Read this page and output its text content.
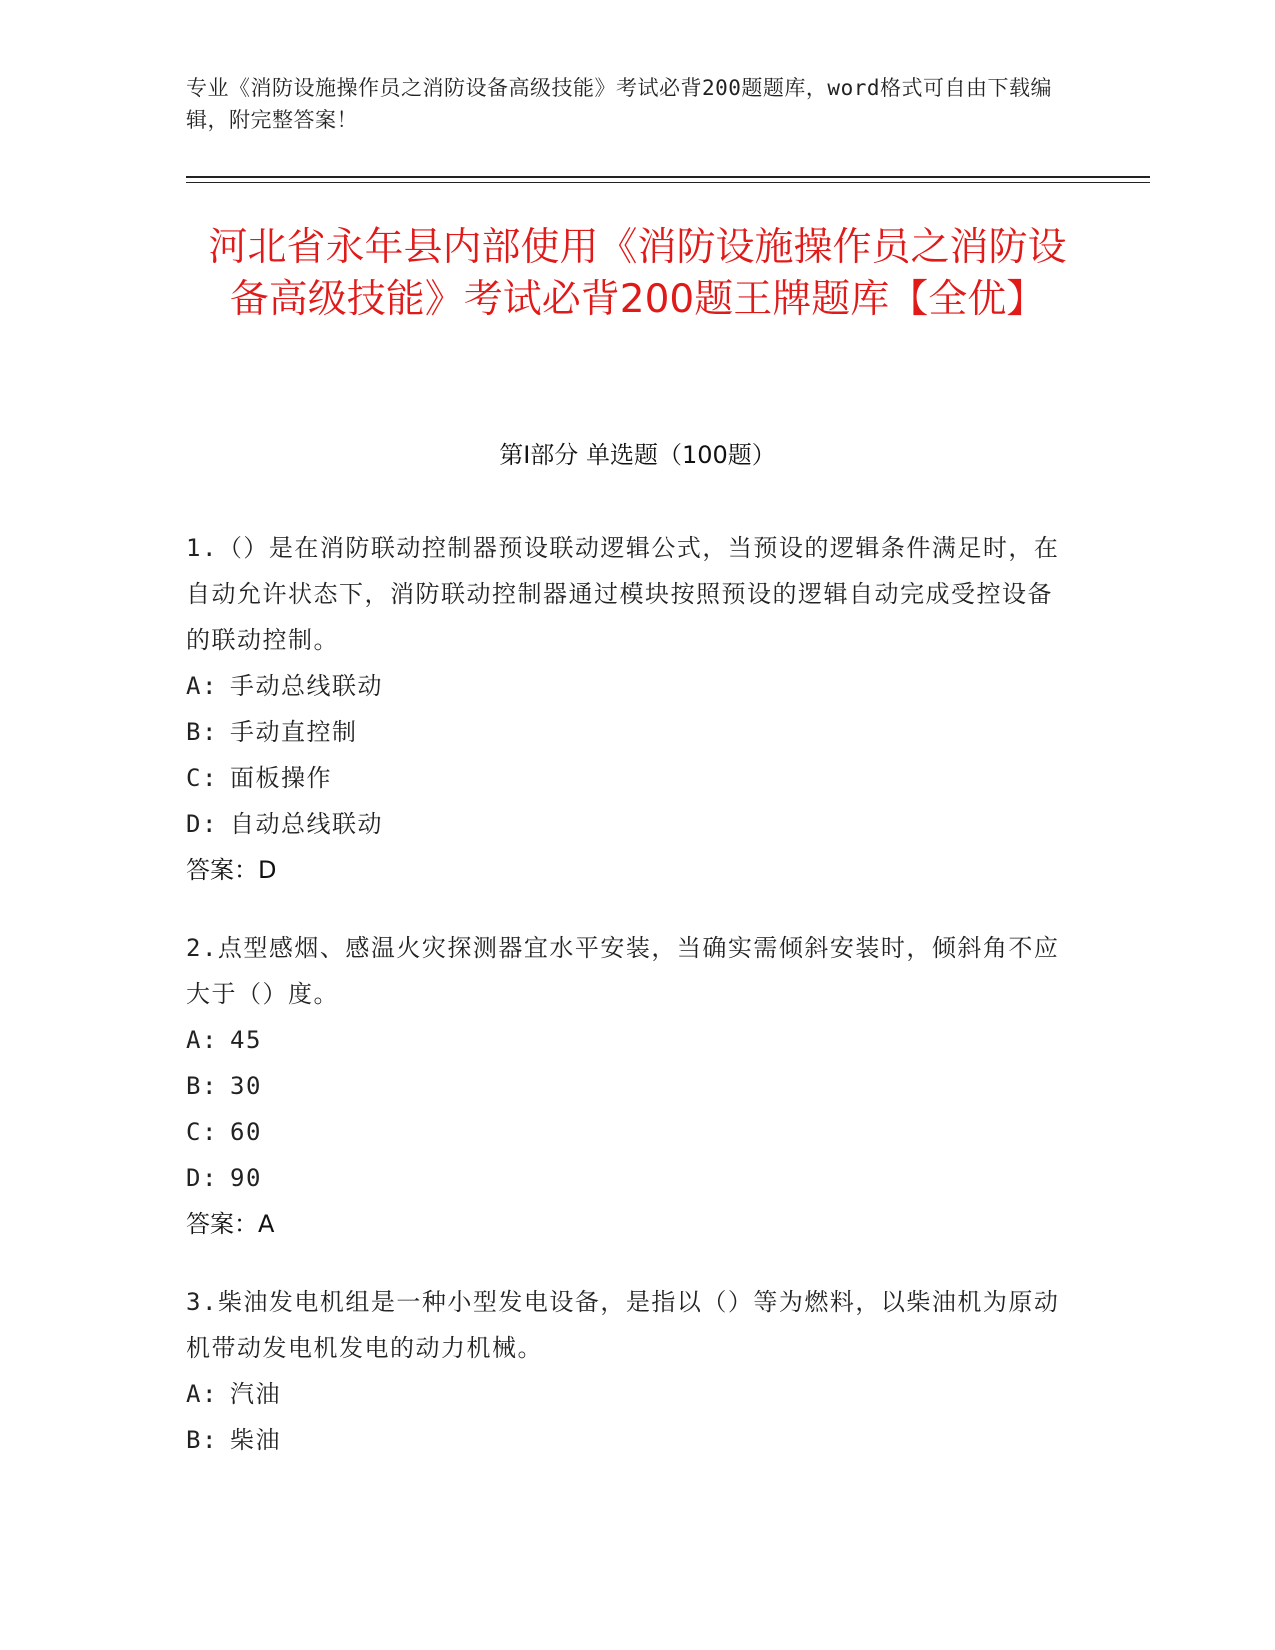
专业《消防设施操作员之消防设备高级技能》考试必背200题题库，word格式可自由下载编辑，附完整答案！
河北省永年县内部使用《消防设施操作员之消防设备高级技能》考试必背200题王牌题库【全优】
第I部分 单选题（100题）
1.（）是在消防联动控制器预设联动逻辑公式，当预设的逻辑条件满足时，在自动允许状态下，消防联动控制器通过模块按照预设的逻辑自动完成受控设备的联动控制。
A: 手动总线联动
B: 手动直控制
C: 面板操作
D: 自动总线联动
答案：D
2.点型感烟、感温火灾探测器宜水平安装，当确实需倾斜安装时，倾斜角不应大于（）度。
A: 45
B: 30
C: 60
D: 90
答案：A
3.柴油发电机组是一种小型发电设备，是指以（）等为燃料，以柴油机为原动机带动发电机发电的动力机械。
A: 汽油
B: 柴油
